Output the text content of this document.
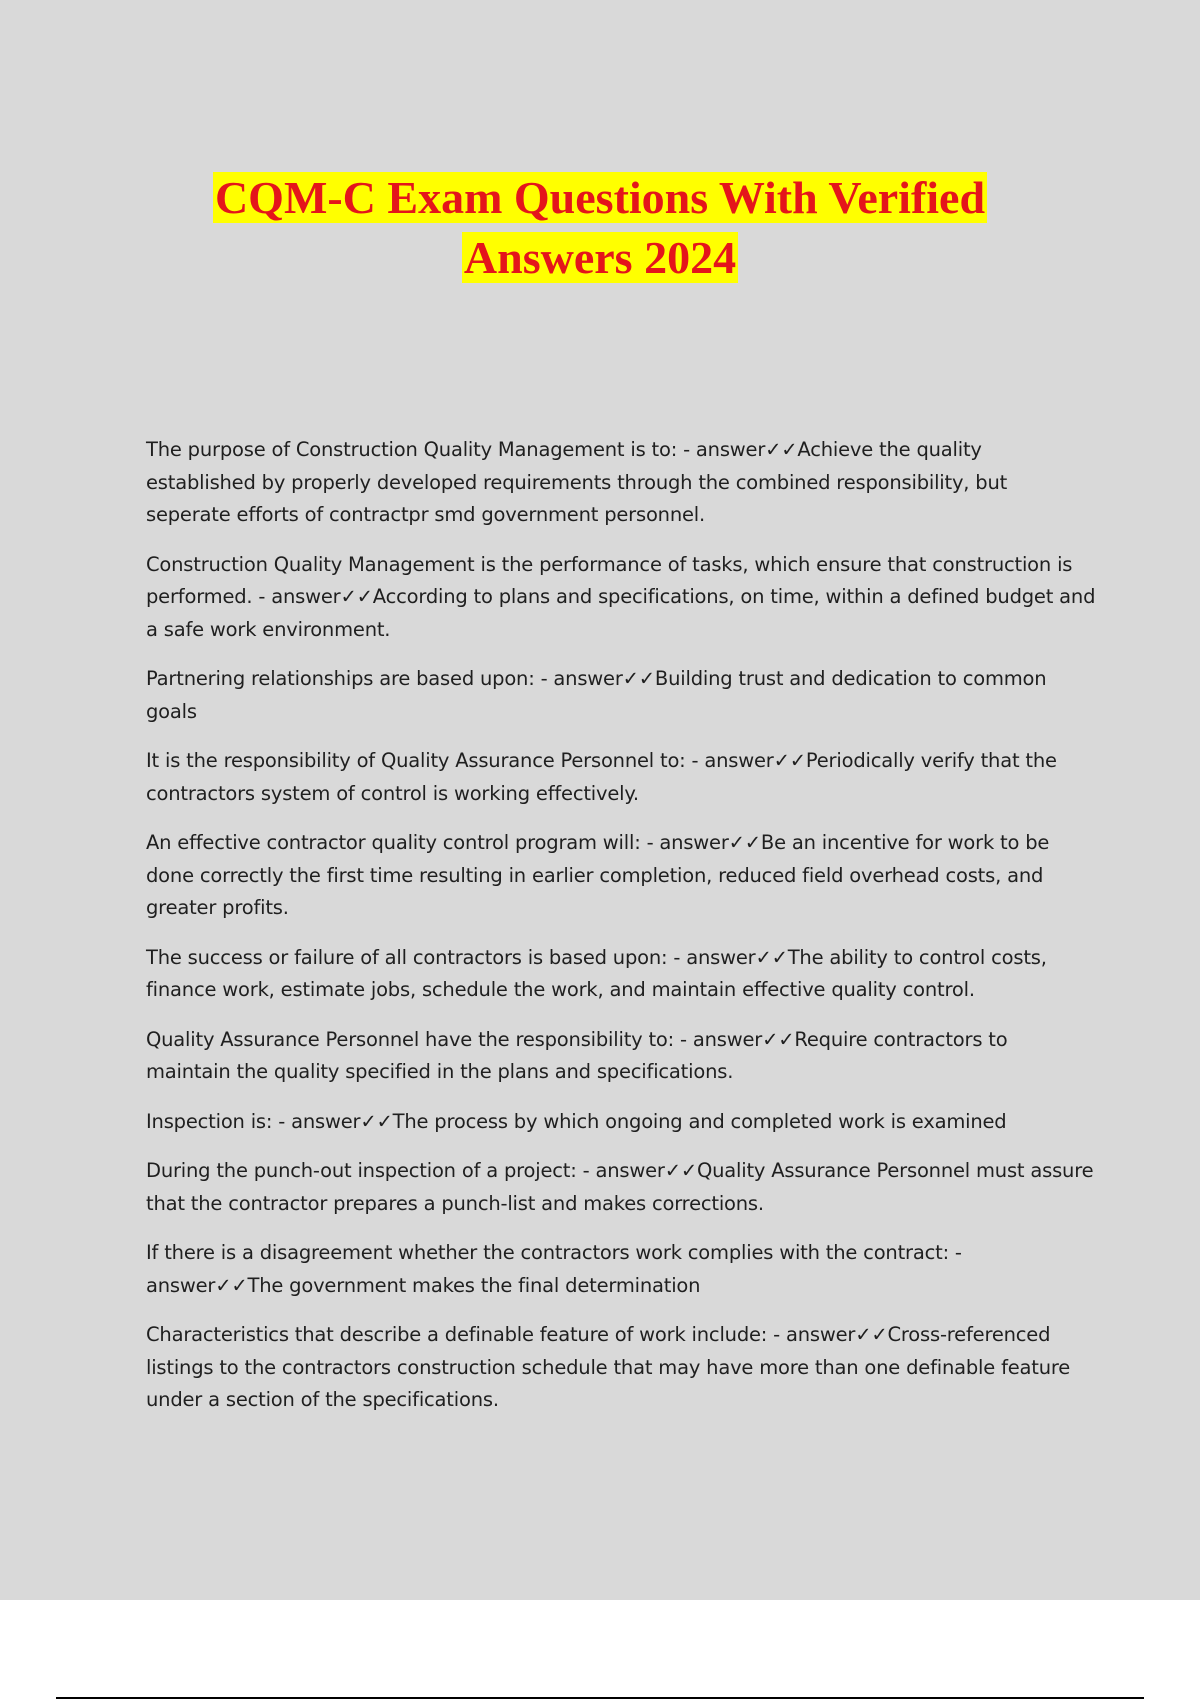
CQM-C Exam Questions With Verified
Answers 2024

The purpose of Construction Quality Management is to: - answer✓✓Achieve the quality established by properly developed requirements through the combined responsibility, but seperate efforts of contractpr smd government personnel.

Construction Quality Management is the performance of tasks, which ensure that construction is performed. - answer✓✓According to plans and specifications, on time, within a defined budget and a safe work environment.

Partnering relationships are based upon: - answer✓✓Building trust and dedication to common goals

It is the responsibility of Quality Assurance Personnel to: - answer✓✓Periodically verify that the contractors system of control is working effectively.

An effective contractor quality control program will: - answer✓✓Be an incentive for work to be done correctly the first time resulting in earlier completion, reduced field overhead costs, and greater profits.

The success or failure of all contractors is based upon: - answer✓✓The ability to control costs, finance work, estimate jobs, schedule the work, and maintain effective quality control.

Quality Assurance Personnel have the responsibility to: - answer✓✓Require contractors to maintain the quality specified in the plans and specifications.

Inspection is: - answer✓✓The process by which ongoing and completed work is examined

During the punch-out inspection of a project: - answer✓✓Quality Assurance Personnel must assure that the contractor prepares a punch-list and makes corrections.

If there is a disagreement whether the contractors work complies with the contract: - answer✓✓The government makes the final determination

Characteristics that describe a definable feature of work include: - answer✓✓Cross-referenced listings to the contractors construction schedule that may have more than one definable feature under a section of the specifications.
